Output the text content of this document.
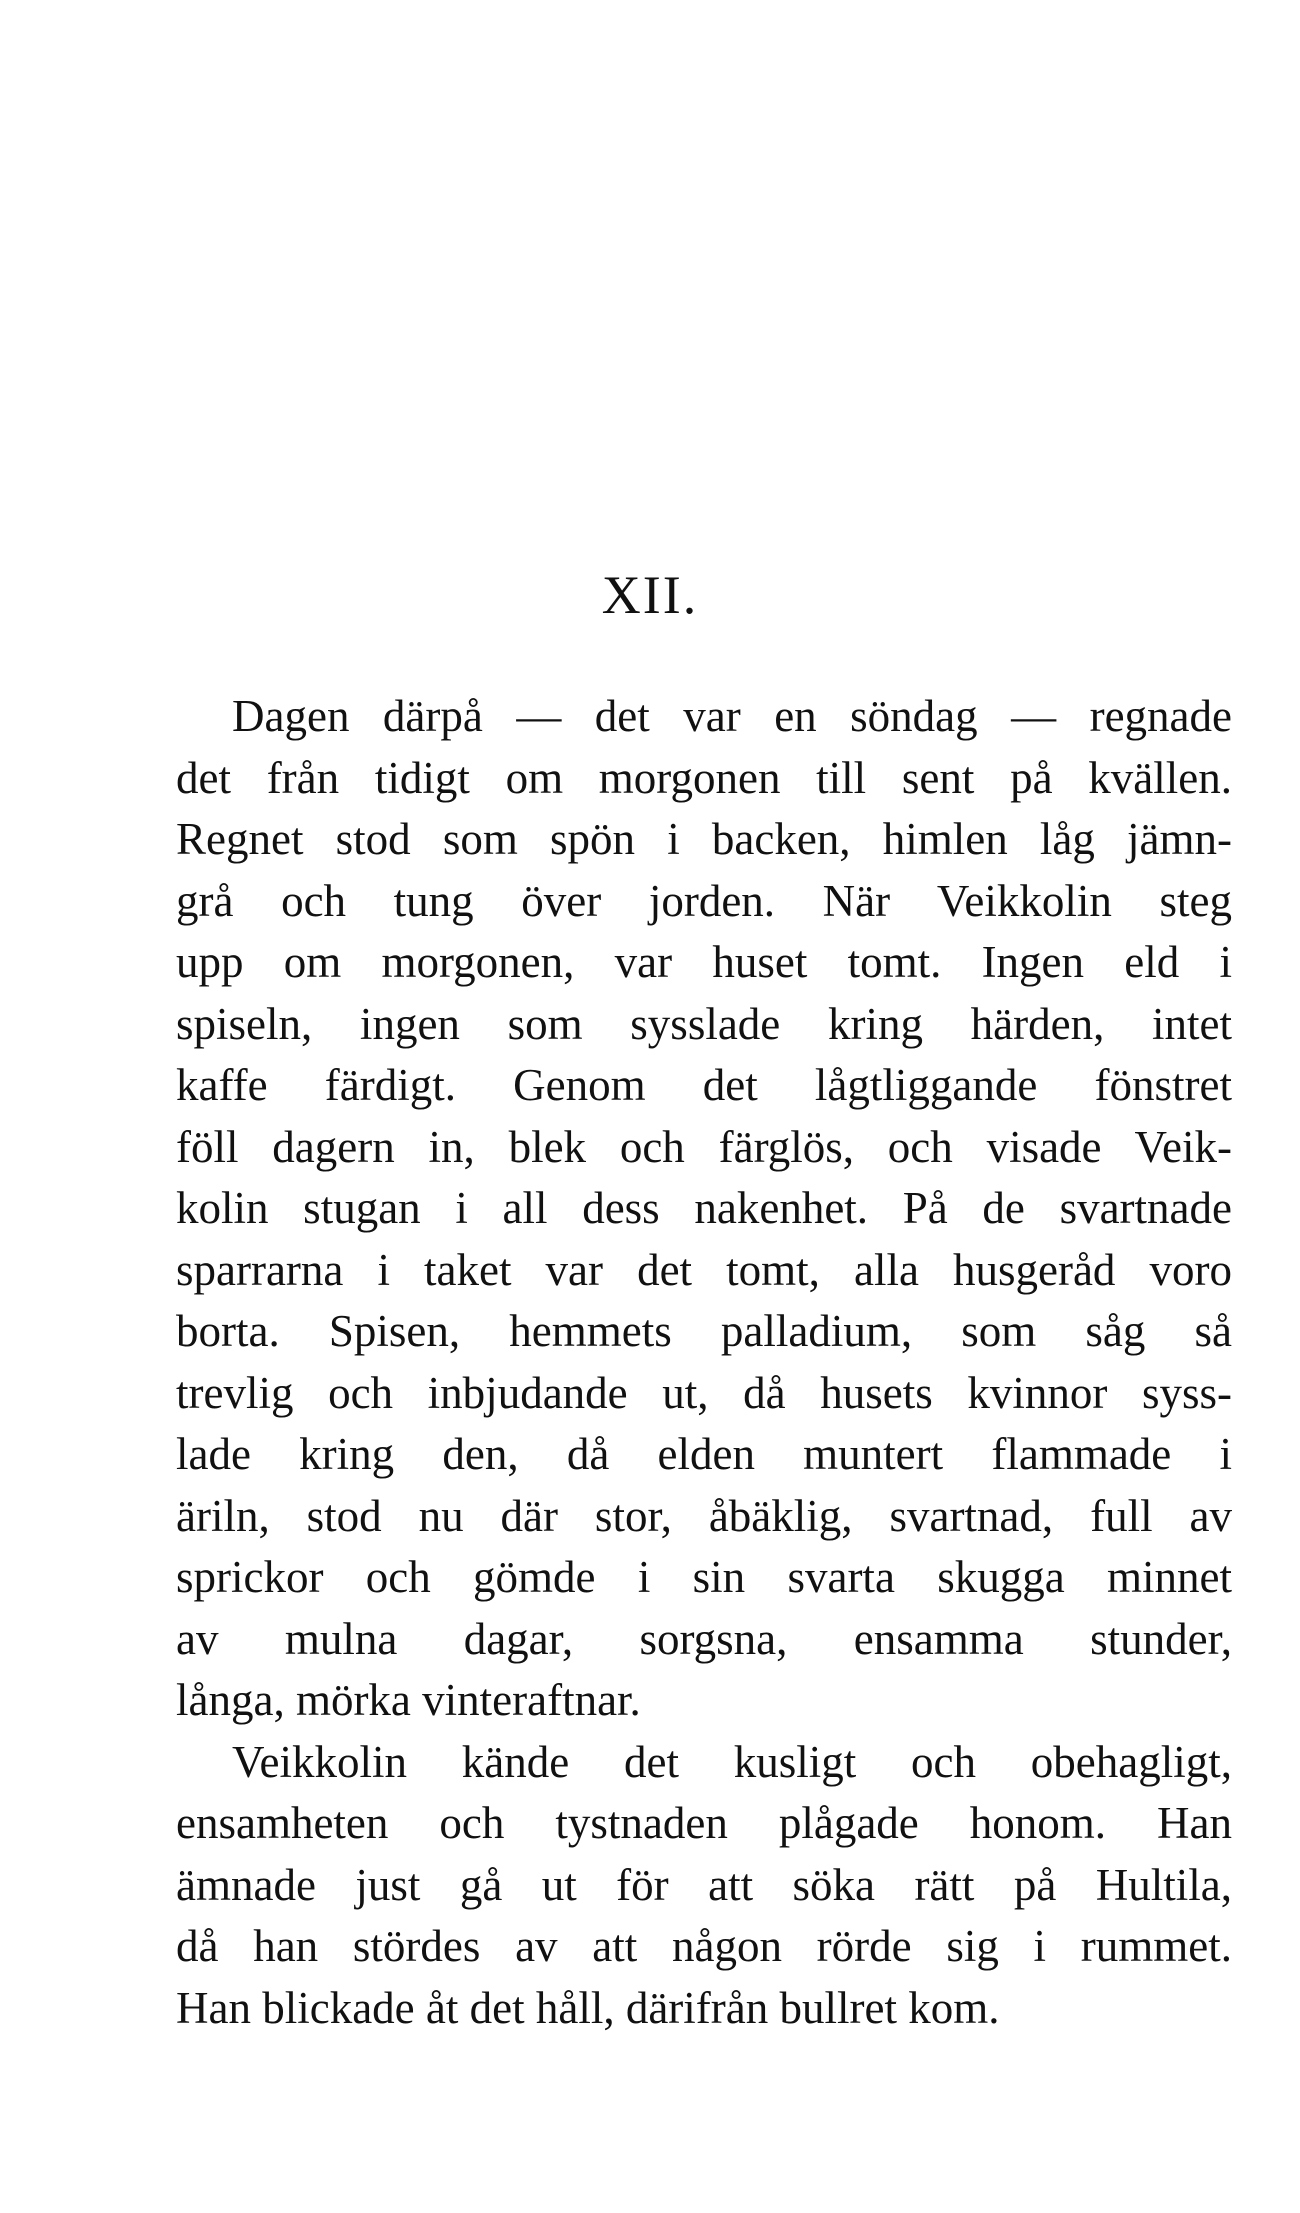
XII.

Dagen därpå — det var en söndag — regnade
det från tidigt om morgonen till sent på kvällen.
Regnet stod som spön i backen, himlen låg jämn-
grå och tung över jorden. När Veikkolin steg
upp om morgonen, var huset tomt. Ingen eld i
spiseln, ingen som sysslade kring härden, intet
kaffe färdigt. Genom det lågtliggande fönstret
föll dagern in, blek och färglös, och visade Veik-
kolin stugan i all dess nakenhet. På de svartnade
sparrarna i taket var det tomt, alla husgeråd voro
borta. Spisen, hemmets palladium, som såg så
trevlig och inbjudande ut, då husets kvinnor syss-
lade kring den, då elden muntert flammade i
äriln, stod nu där stor, åbäklig, svartnad, full av
sprickor och gömde i sin svarta skugga minnet
av mulna dagar, sorgsna, ensamma stunder,
långa, mörka vinteraftnar.

Veikkolin kände det kusligt och obehagligt,
ensamheten och tystnaden plågade honom. Han
ämnade just gå ut för att söka rätt på Hultila,
då han stördes av att någon rörde sig i rummet.
Han blickade åt det håll, därifrån bullret kom.
